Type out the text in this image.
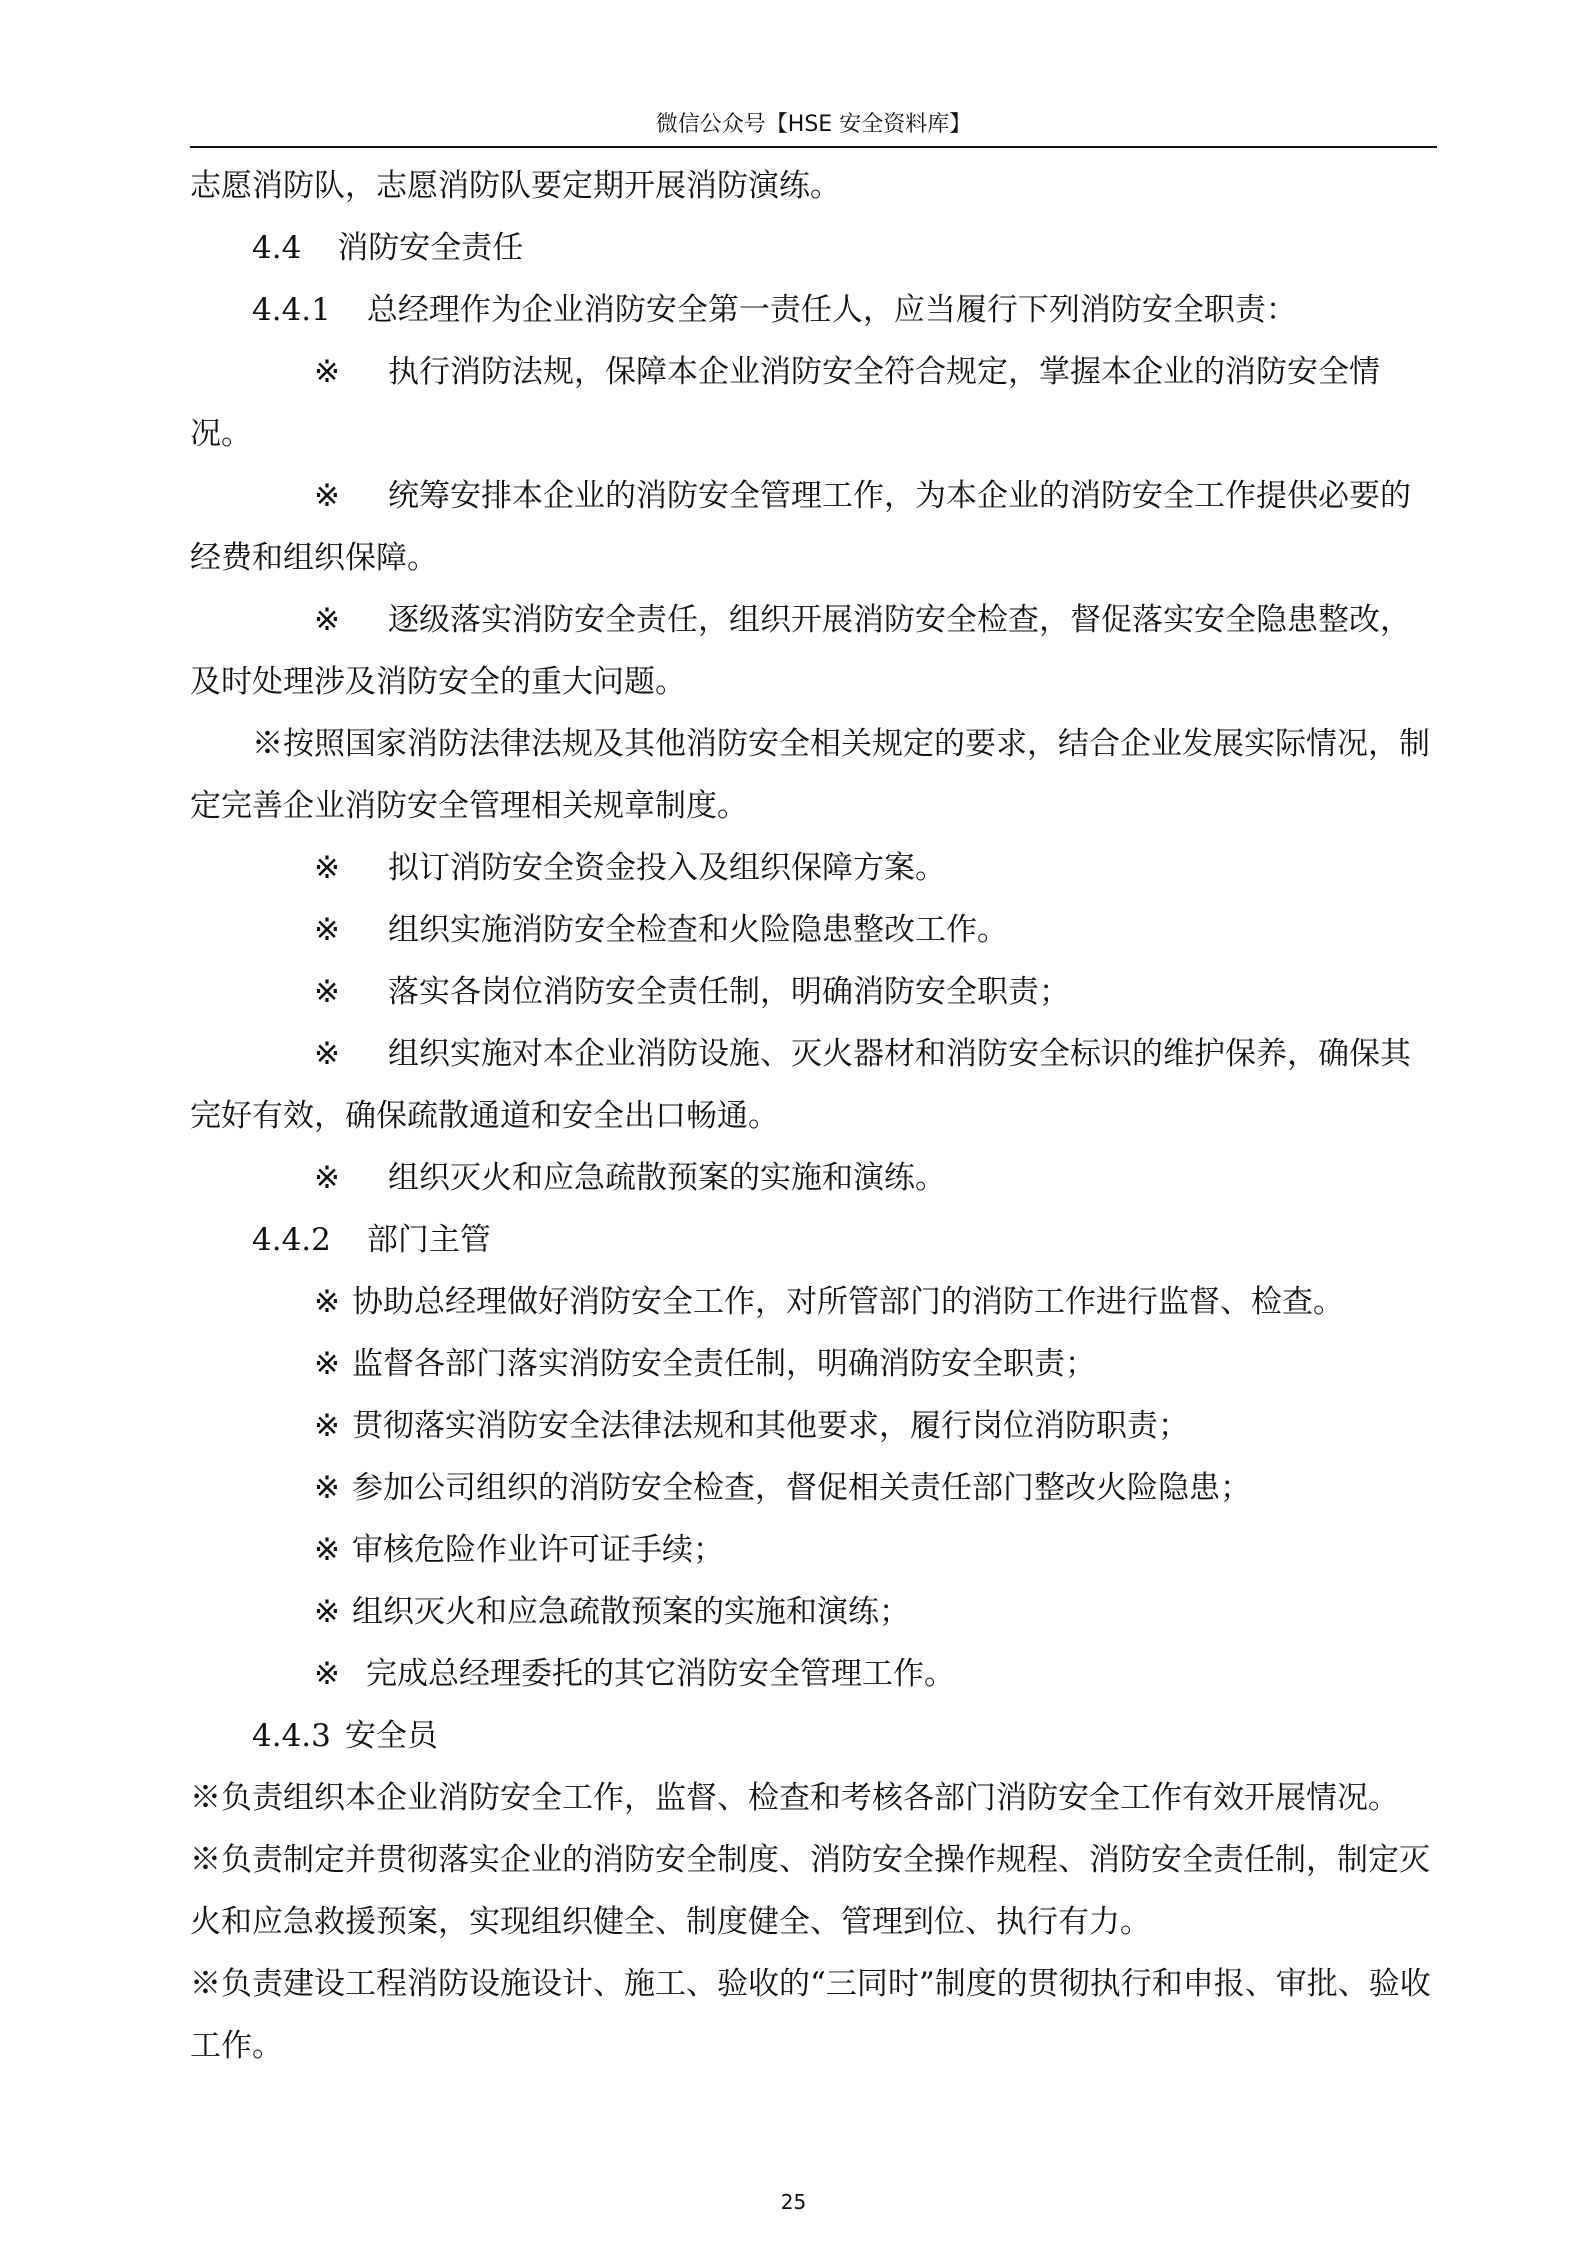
微信公众号【HSE 安全资料库】

志愿消防队，志愿消防队要定期开展消防演练。

4.4 消防安全责任

4.4.1 总经理作为企业消防安全第一责任人，应当履行下列消防安全职责：

※ 执行消防法规，保障本企业消防安全符合规定，掌握本企业的消防安全情况。

※ 统筹安排本企业的消防安全管理工作，为本企业的消防安全工作提供必要的经费和组织保障。

※ 逐级落实消防安全责任，组织开展消防安全检查，督促落实安全隐患整改，及时处理涉及消防安全的重大问题。

※按照国家消防法律法规及其他消防安全相关规定的要求，结合企业发展实际情况，制定完善企业消防安全管理相关规章制度。

※ 拟订消防安全资金投入及组织保障方案。

※ 组织实施消防安全检查和火险隐患整改工作。

※ 落实各岗位消防安全责任制，明确消防安全职责；

※ 组织实施对本企业消防设施、灭火器材和消防安全标识的维护保养，确保其完好有效，确保疏散通道和安全出口畅通。

※ 组织灭火和应急疏散预案的实施和演练。

4.4.2 部门主管

※ 协助总经理做好消防安全工作，对所管部门的消防工作进行监督、检查。

※ 监督各部门落实消防安全责任制，明确消防安全职责；

※ 贯彻落实消防安全法律法规和其他要求，履行岗位消防职责；

※ 参加公司组织的消防安全检查，督促相关责任部门整改火险隐患；

※ 审核危险作业许可证手续；

※ 组织灭火和应急疏散预案的实施和演练；

※ 完成总经理委托的其它消防安全管理工作。

4.4.3 安全员

※负责组织本企业消防安全工作，监督、检查和考核各部门消防安全工作有效开展情况。

※负责制定并贯彻落实企业的消防安全制度、消防安全操作规程、消防安全责任制，制定灭火和应急救援预案，实现组织健全、制度健全、管理到位、执行有力。

※负责建设工程消防设施设计、施工、验收的“三同时”制度的贯彻执行和申报、审批、验收工作。

25
